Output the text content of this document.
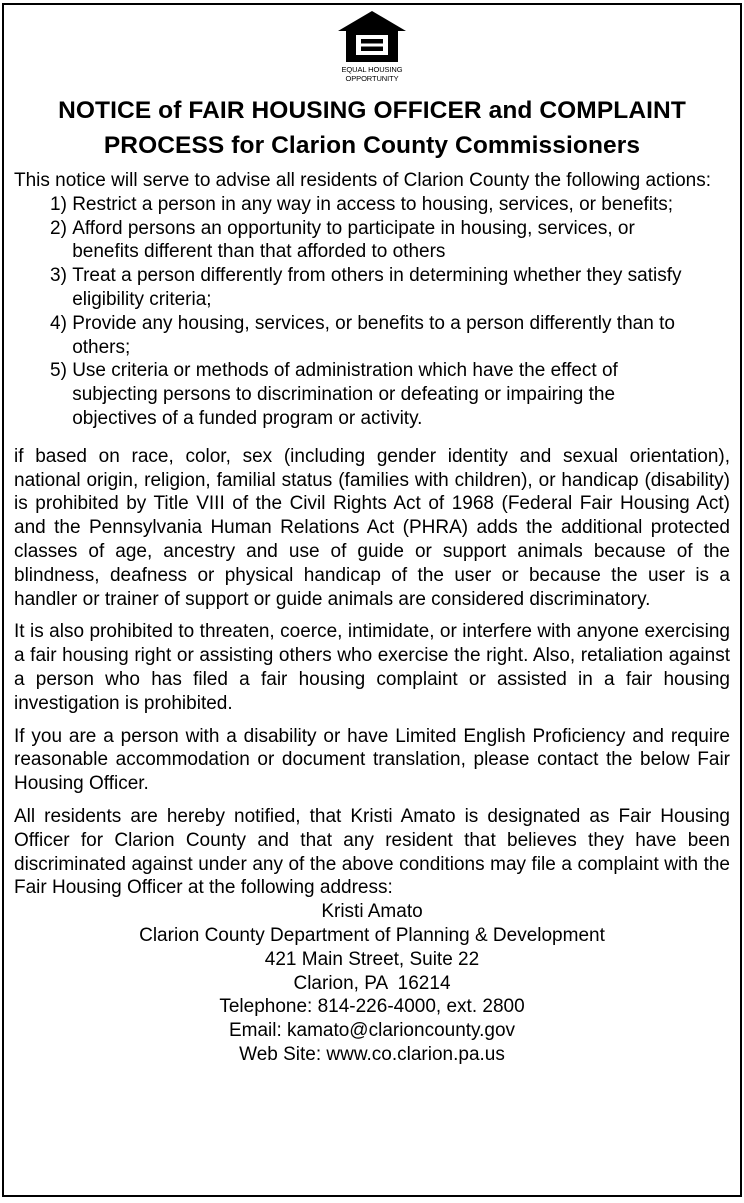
EQUAL HOUSING
OPPORTUNITY
NOTICE of FAIR HOUSING OFFICER and COMPLAINT
PROCESS for Clarion County Commissioners
This notice will serve to advise all residents of Clarion County the following actions:
1) Restrict a person in any way in access to housing, services, or benefits;
2) Afford persons an opportunity to participate in housing, services, or benefits different than that afforded to others
3) Treat a person differently from others in determining whether they satisfy eligibility criteria;
4) Provide any housing, services, or benefits to a person differently than to others;
5) Use criteria or methods of administration which have the effect of subjecting persons to discrimination or defeating or impairing the objectives of a funded program or activity.
if based on race, color, sex (including gender identity and sexual orientation), national origin, religion, familial status (families with children), or handicap (disability) is prohibited by Title VIII of the Civil Rights Act of 1968 (Federal Fair Housing Act) and the Pennsylvania Human Relations Act (PHRA) adds the additional protected classes of age, ancestry and use of guide or support animals because of the blindness, deafness or physical handicap of the user or because the user is a handler or trainer of support or guide animals are considered discriminatory.
It is also prohibited to threaten, coerce, intimidate, or interfere with anyone exercising a fair housing right or assisting others who exercise the right. Also, retaliation against a person who has filed a fair housing complaint or assisted in a fair housing investigation is prohibited.
If you are a person with a disability or have Limited English Proficiency and require reasonable accommodation or document translation, please contact the below Fair Housing Officer.
All residents are hereby notified, that Kristi Amato is designated as Fair Housing Officer for Clarion County and that any resident that believes they have been discriminated against under any of the above conditions may file a complaint with the Fair Housing Officer at the following address:
Kristi Amato
Clarion County Department of Planning & Development
421 Main Street, Suite 22
Clarion, PA  16214
Telephone: 814-226-4000, ext. 2800
Email: kamato@clarioncounty.gov
Web Site: www.co.clarion.pa.us
